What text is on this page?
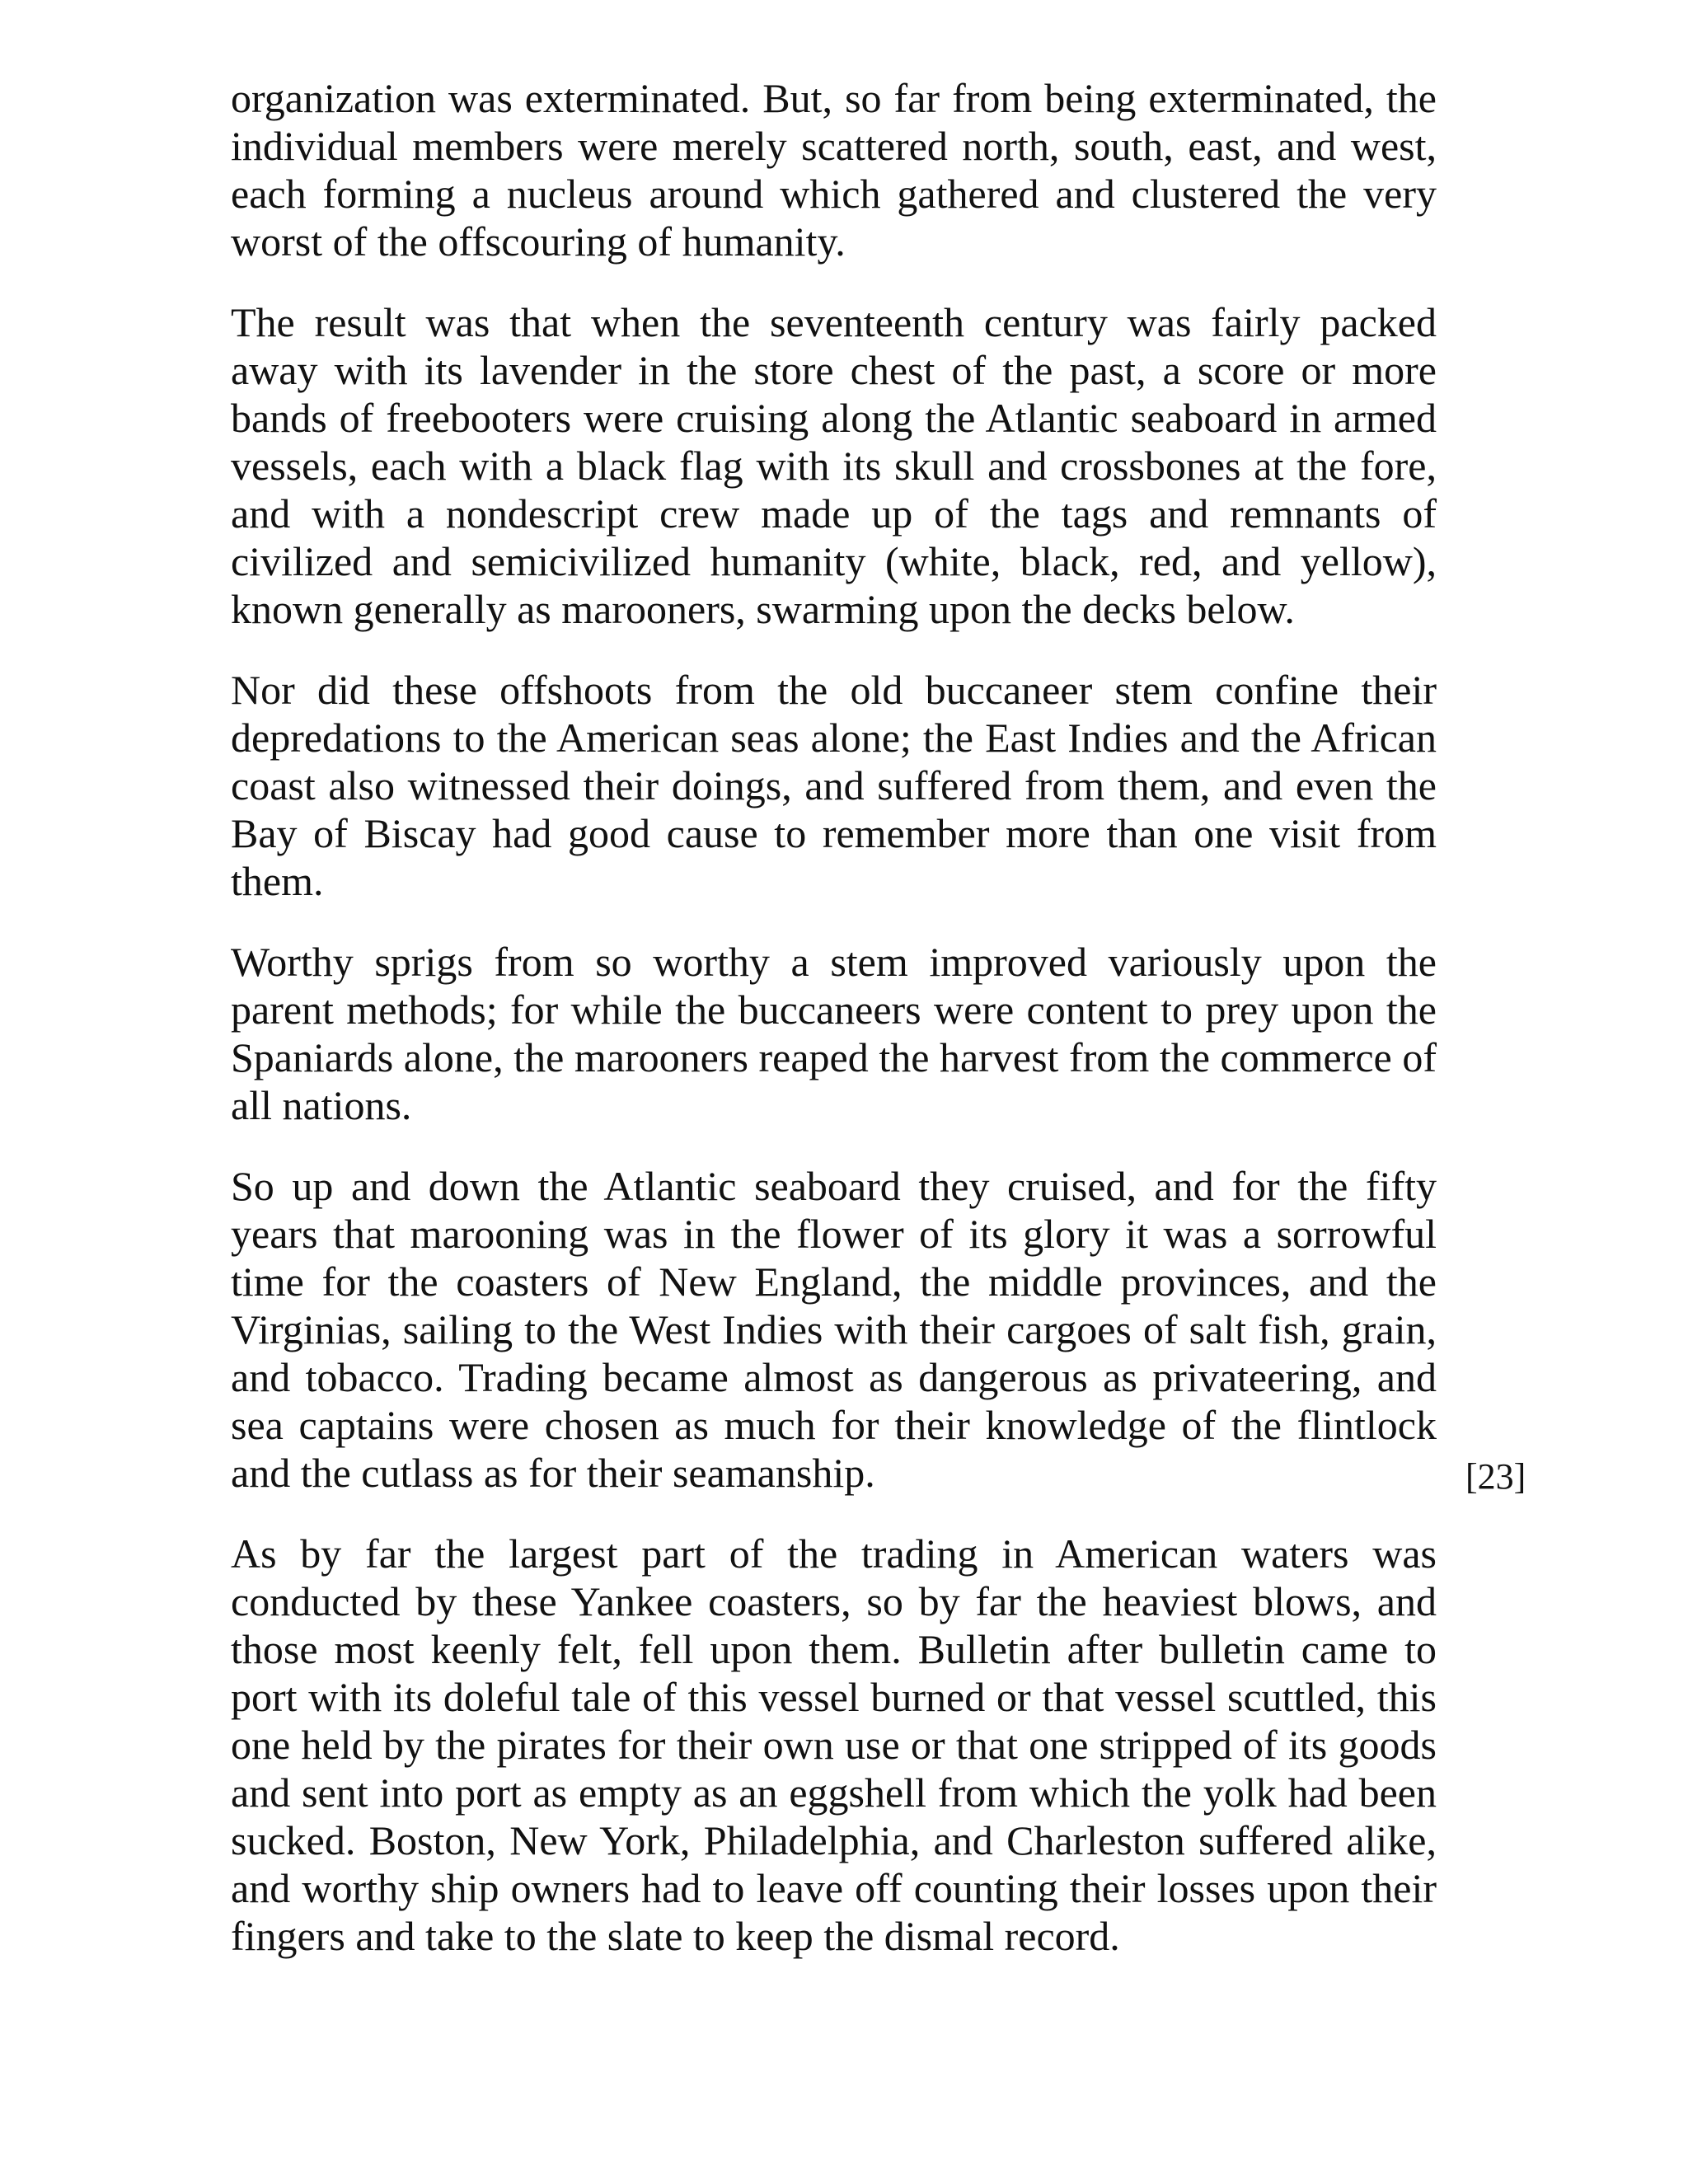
organization was exterminated. But, so far from being exterminated, the individual members were merely scattered north, south, east, and west, each forming a nucleus around which gathered and clustered the very worst of the offscouring of humanity.

The result was that when the seventeenth century was fairly packed away with its lavender in the store chest of the past, a score or more bands of freebooters were cruising along the Atlantic seaboard in armed vessels, each with a black flag with its skull and crossbones at the fore, and with a nondescript crew made up of the tags and remnants of civilized and semicivilized humanity (white, black, red, and yellow), known generally as marooners, swarming upon the decks below.

Nor did these offshoots from the old buccaneer stem confine their depredations to the American seas alone; the East Indies and the African coast also witnessed their doings, and suffered from them, and even the Bay of Biscay had good cause to remember more than one visit from them.

Worthy sprigs from so worthy a stem improved variously upon the parent methods; for while the buccaneers were content to prey upon the Spaniards alone, the marooners reaped the harvest from the commerce of all nations.

So up and down the Atlantic seaboard they cruised, and for the fifty years that marooning was in the flower of its glory it was a sorrowful time for the coasters of New England, the middle provinces, and the Virginias, sailing to the West Indies with their cargoes of salt fish, grain, and tobacco. Trading became almost as dangerous as privateering, and sea captains were chosen as much for their knowledge of the flintlock and the cutlass as for their seamanship.

As by far the largest part of the trading in American waters was conducted by these Yankee coasters, so by far the heaviest blows, and those most keenly felt, fell upon them. Bulletin after bulletin came to port with its doleful tale of this vessel burned or that vessel scuttled, this one held by the pirates for their own use or that one stripped of its goods and sent into port as empty as an eggshell from which the yolk had been sucked. Boston, New York, Philadelphia, and Charleston suffered alike, and worthy ship owners had to leave off counting their losses upon their fingers and take to the slate to keep the dismal record.

[23]
